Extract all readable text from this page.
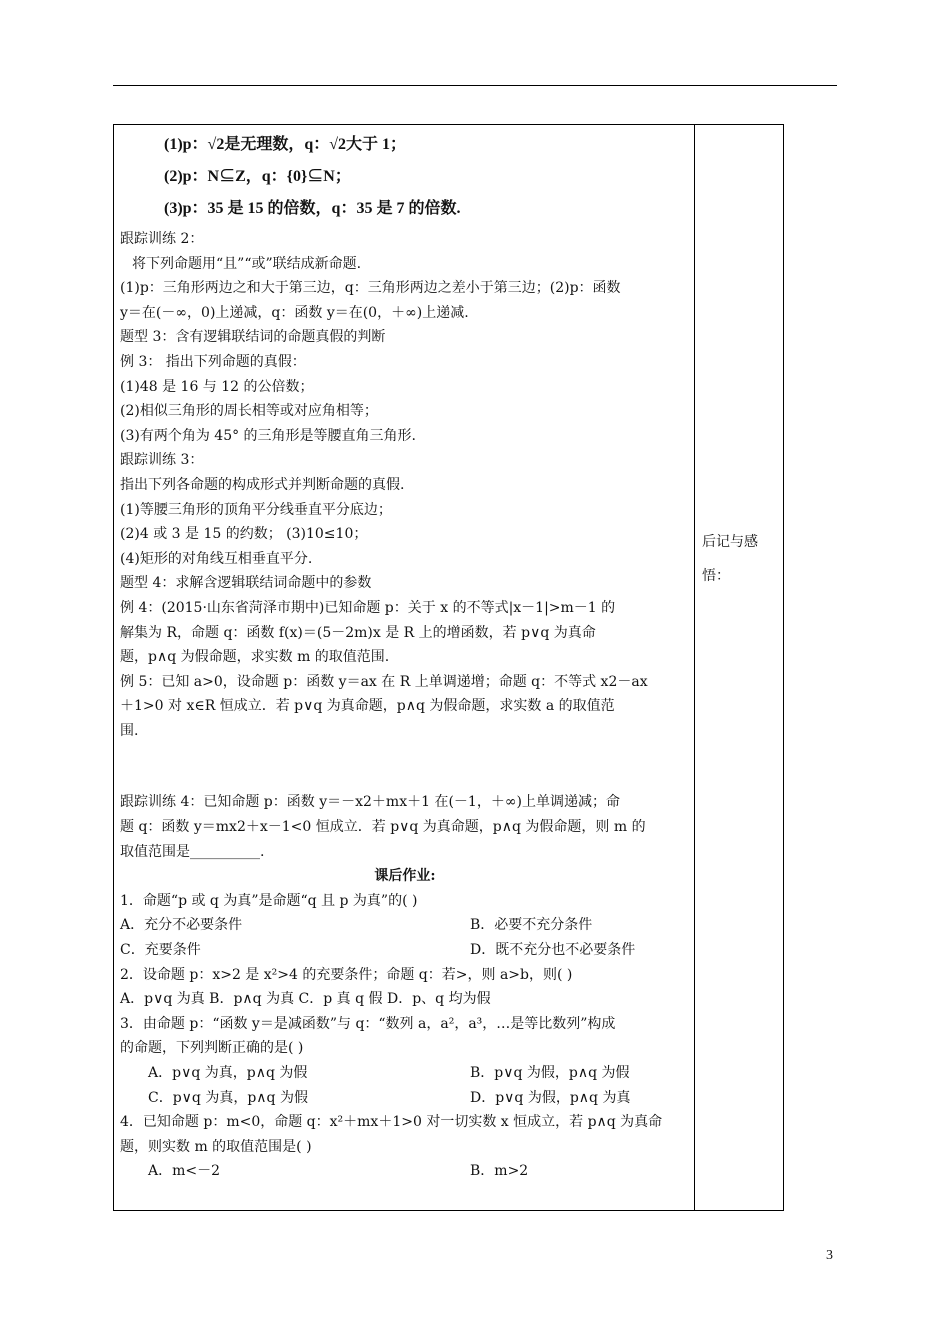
(1)p：√2是无理数，q：√2大于 1；
(2)p：N⊆Z，q：{0}⊆N；
(3)p：35 是 15 的倍数，q：35 是 7 的倍数.
跟踪训练 2：
将下列命题用“且”“或”联结成新命题.
(1)p：三角形两边之和大于第三边，q：三角形两边之差小于第三边；(2)p：函数
y＝在(－∞，0)上递减，q：函数 y＝在(0，＋∞)上递减.
题型 3：含有逻辑联结词的命题真假的判断
例 3： 指出下列命题的真假：
(1)48 是 16 与 12 的公倍数；
(2)相似三角形的周长相等或对应角相等；
(3)有两个角为 45° 的三角形是等腰直角三角形.
跟踪训练 3：
指出下列各命题的构成形式并判断命题的真假.
(1)等腰三角形的顶角平分线垂直平分底边；
(2)4 或 3 是 15 的约数； (3)10≤10；
(4)矩形的对角线互相垂直平分.
题型 4：求解含逻辑联结词命题中的参数
例 4：(2015·山东省菏泽市期中)已知命题 p：关于 x 的不等式|x－1|>m－1 的
解集为 R，命题 q：函数 f(x)＝(5－2m)x 是 R 上的增函数，若 p∨q 为真命
题，p∧q 为假命题，求实数 m 的取值范围.
例 5：已知 a>0，设命题 p：函数 y＝ax 在 R 上单调递增；命题 q：不等式 x2－ax
＋1>0 对 x∈R 恒成立．若 p∨q 为真命题，p∧q 为假命题，求实数 a 的取值范
围.
跟踪训练 4：已知命题 p：函数 y＝－x2＋mx＋1 在(－1，＋∞)上单调递减；命
题 q：函数 y＝mx2＋x－1<0 恒成立．若 p∨q 为真命题，p∧q 为假命题，则 m 的
取值范围是__________.
课后作业:
1．命题“p 或 q 为真”是命题“q 且 p 为真”的( )
A．充分不必要条件	B．必要不充分条件
C．充要条件	D．既不充分也不必要条件
2．设命题 p：x>2 是 x²>4 的充要条件；命题 q：若>，则 a>b，则( )
A．p∨q 为真 B．p∧q 为真 C．p 真 q 假 D．p、q 均为假
3．由命题 p：“函数 y＝是减函数”与 q：“数列 a，a²，a³，…是等比数列”构成
的命题，下列判断正确的是( )
A．p∨q 为真，p∧q 为假	B．p∨q 为假，p∧q 为假
C．p∨q 为真，p∧q 为假	D．p∨q 为假，p∧q 为真
4．已知命题 p：m<0，命题 q：x²＋mx＋1>0 对一切实数 x 恒成立，若 p∧q 为真命
题，则实数 m 的取值范围是( )
A．m<－2	B．m>2
后记与感
悟：
3
